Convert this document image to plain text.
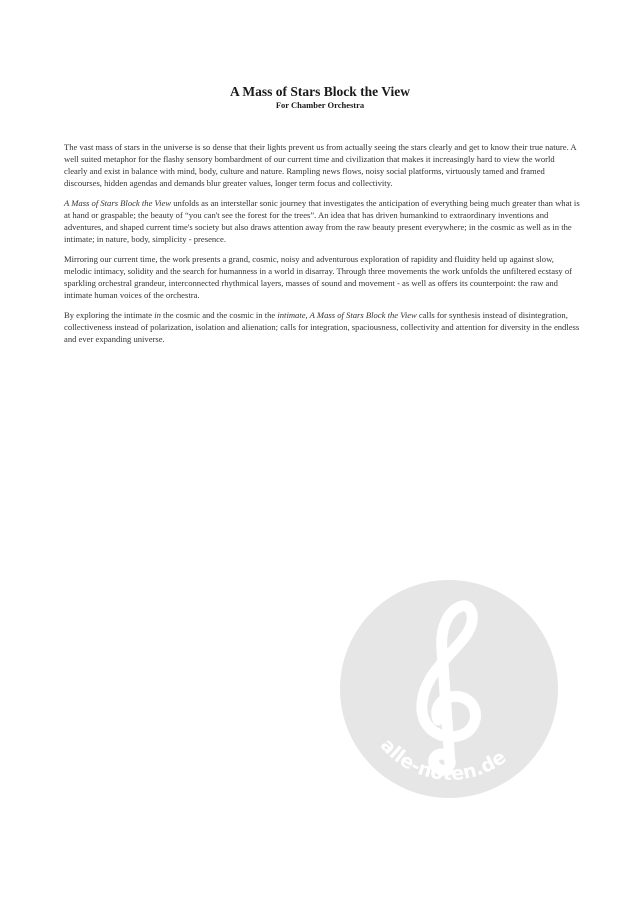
A Mass of Stars Block the View
For Chamber Orchestra

The vast mass of stars in the universe is so dense that their lights prevent us from actually seeing the stars clearly and get to know their true nature. A well suited metaphor for the flashy sensory bombardment of our current time and civilization that makes it increasingly hard to view the world clearly and exist in balance with mind, body, culture and nature. Rampling news flows, noisy social platforms, virtuously tamed and framed discourses, hidden agendas and demands blur greater values, longer term focus and collectivity.

A Mass of Stars Block the View unfolds as an interstellar sonic journey that investigates the anticipation of everything being much greater than what is at hand or graspable; the beauty of “you can't see the forest for the trees”. An idea that has driven humankind to extraordinary inventions and adventures, and shaped current time's society but also draws attention away from the raw beauty present everywhere; in the cosmic as well as in the intimate; in nature, body, simplicity - presence.

Mirroring our current time, the work presents a grand, cosmic, noisy and adventurous exploration of rapidity and fluidity held up against slow, melodic intimacy, solidity and the search for humanness in a world in disarray. Through three movements the work unfolds the unfiltered ecstasy of sparkling orchestral grandeur, interconnected rhythmical layers, masses of sound and movement - as well as offers its counterpoint: the raw and intimate human voices of the orchestra.

By exploring the intimate in the cosmic and the cosmic in the intimate, A Mass of Stars Block the View calls for synthesis instead of disintegration, collectiveness instead of polarization, isolation and alienation; calls for integration, spaciousness, collectivity and attention for diversity in the endless and ever expanding universe.

alle-noten.de
